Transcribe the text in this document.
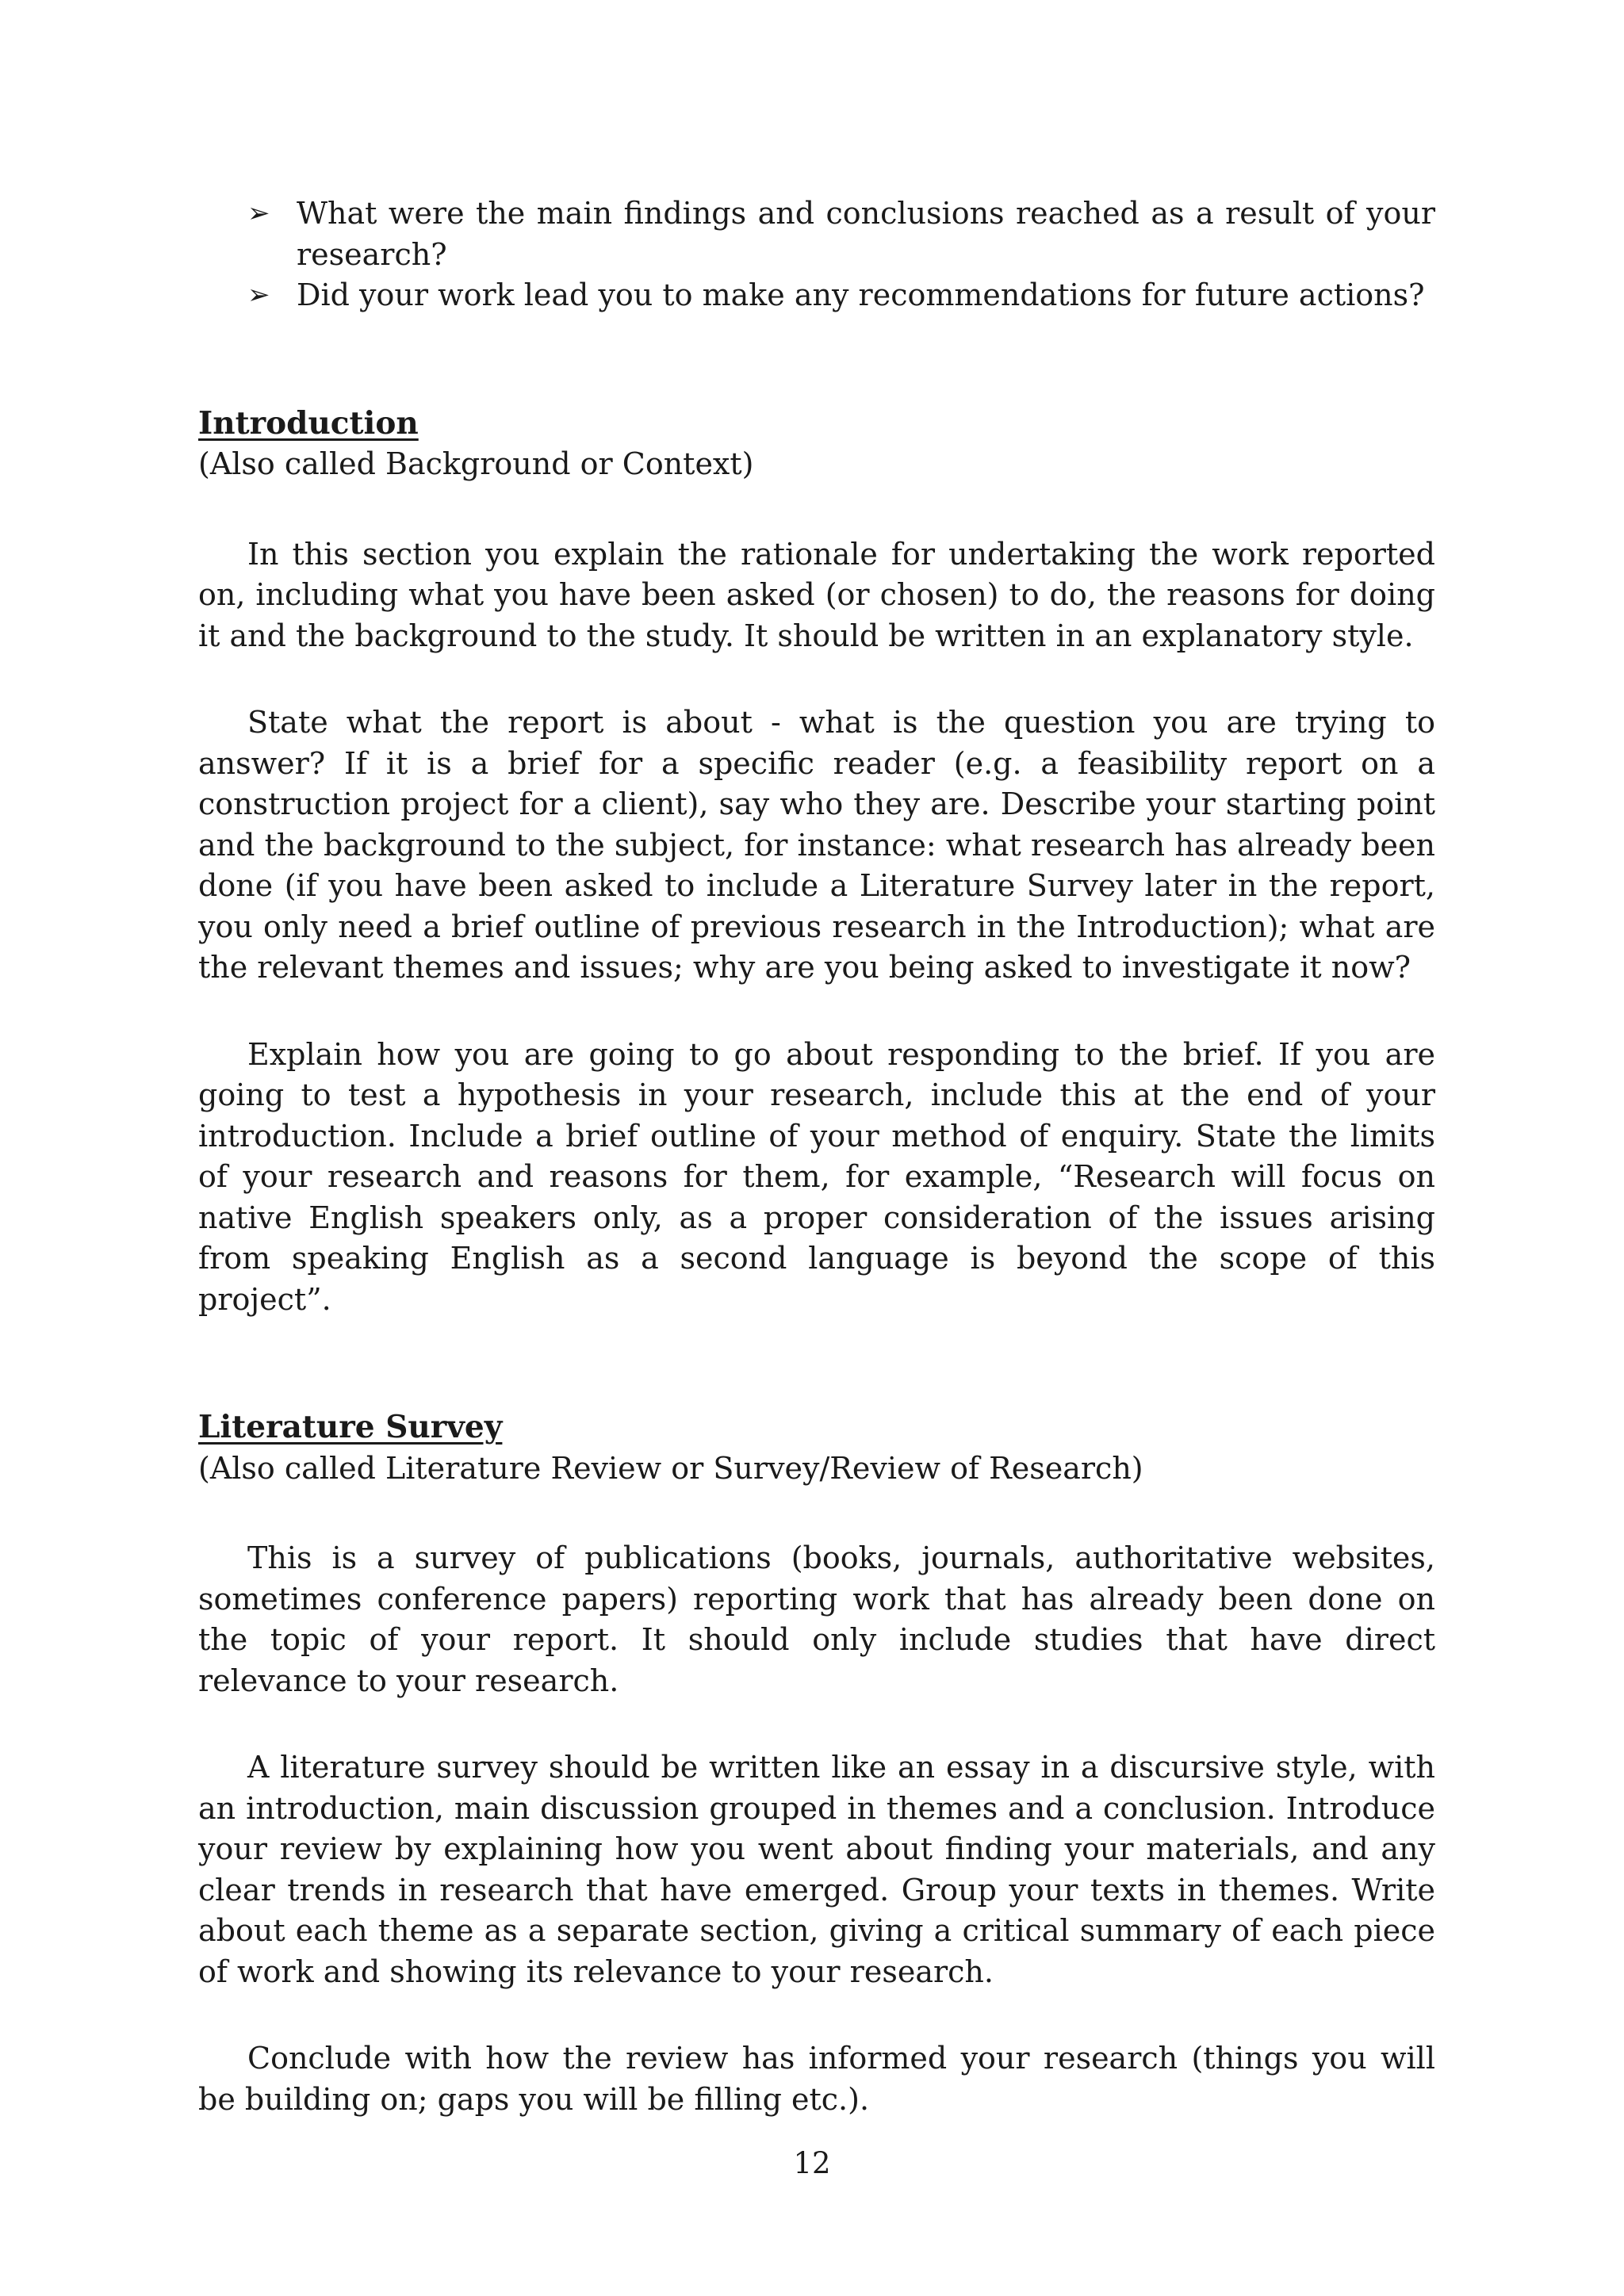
➢ What were the main findings and conclusions reached as a result of your research?
➢ Did your work lead you to make any recommendations for future actions?
Introduction
(Also called Background or Context)

In this section you explain the rationale for undertaking the work reported on, including what you have been asked (or chosen) to do, the reasons for doing it and the background to the study. It should be written in an explanatory style.

State what the report is about - what is the question you are trying to answer? If it is a brief for a specific reader (e.g. a feasibility report on a construction project for a client), say who they are. Describe your starting point and the background to the subject, for instance: what research has already been done (if you have been asked to include a Literature Survey later in the report, you only need a brief outline of previous research in the Introduction); what are the relevant themes and issues; why are you being asked to investigate it now?

Explain how you are going to go about responding to the brief. If you are going to test a hypothesis in your research, include this at the end of your introduction. Include a brief outline of your method of enquiry. State the limits of your research and reasons for them, for example, “Research will focus on native English speakers only, as a proper consideration of the issues arising from speaking English as a second language is beyond the scope of this project”.

Literature Survey
(Also called Literature Review or Survey/Review of Research)

This is a survey of publications (books, journals, authoritative websites, sometimes conference papers) reporting work that has already been done on the topic of your report. It should only include studies that have direct relevance to your research.

A literature survey should be written like an essay in a discursive style, with an introduction, main discussion grouped in themes and a conclusion. Introduce your review by explaining how you went about finding your materials, and any clear trends in research that have emerged. Group your texts in themes. Write about each theme as a separate section, giving a critical summary of each piece of work and showing its relevance to your research.

Conclude with how the review has informed your research (things you will be building on; gaps you will be filling etc.).

12
